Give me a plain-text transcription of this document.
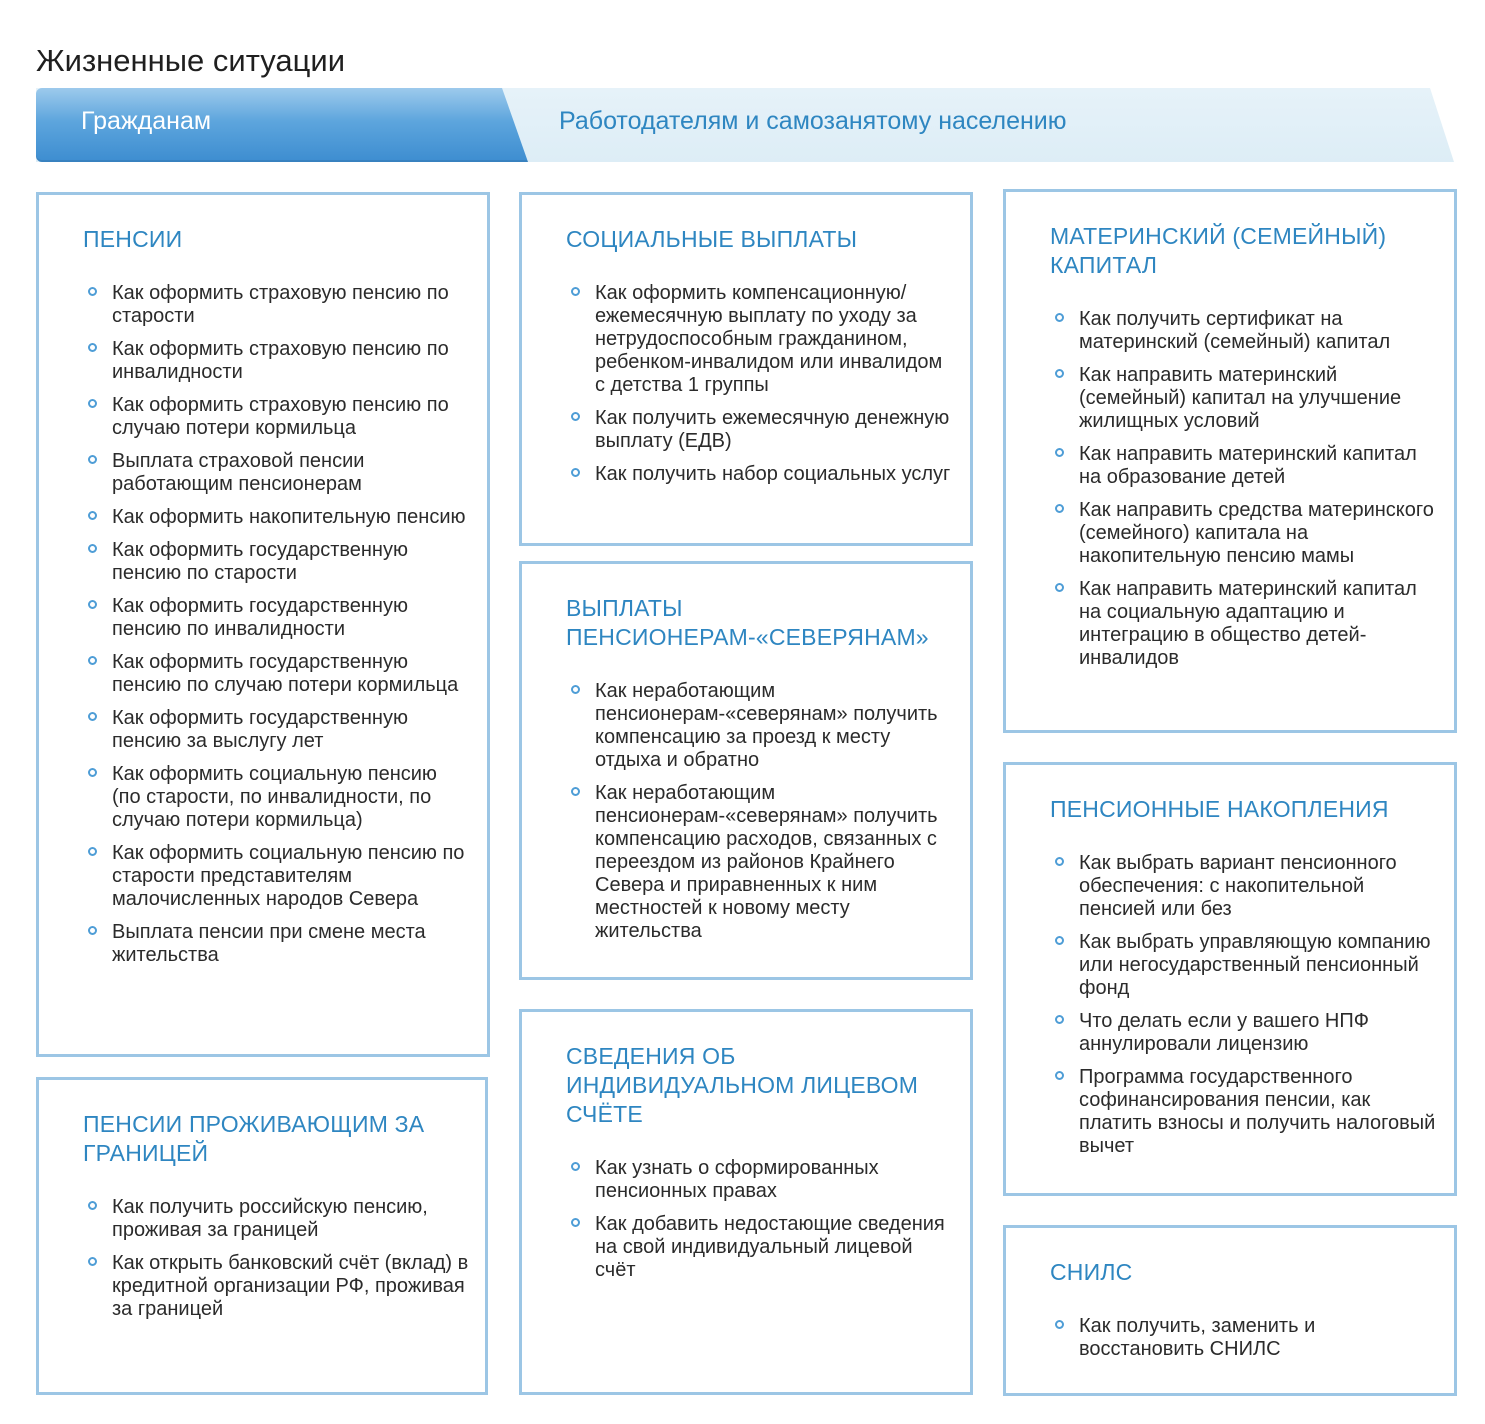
Жизненные ситуации
Гражданам	Работодателям и самозанятому населению
ПЕНСИИ
Как оформить страховую пенсию по старости
Как оформить страховую пенсию по инвалидности
Как оформить страховую пенсию по случаю потери кормильца
Выплата страховой пенсии работающим пенсионерам
Как оформить накопительную пенсию
Как оформить государственную пенсию по старости
Как оформить государственную пенсию по инвалидности
Как оформить государственную пенсию по случаю потери кормильца
Как оформить государственную пенсию за выслугу лет
Как оформить социальную пенсию (по старости, по инвалидности, по случаю потери кормильца)
Как оформить социальную пенсию по старости представителям малочисленных народов Севера
Выплата пенсии при смене места жительства
ПЕНСИИ ПРОЖИВАЮЩИМ ЗА ГРАНИЦЕЙ
Как получить российскую пенсию, проживая за границей
Как открыть банковский счёт (вклад) в кредитной организации РФ, проживая за границей
СОЦИАЛЬНЫЕ ВЫПЛАТЫ
Как оформить компенсационную/ ежемесячную выплату по уходу за нетрудоспособным гражданином, ребенком-инвалидом или инвалидом с детства 1 группы
Как получить ежемесячную денежную выплату (ЕДВ)
Как получить набор социальных услуг
ВЫПЛАТЫ ПЕНСИОНЕРАМ-«СЕВЕРЯНАМ»
Как неработающим пенсионерам-«северянам» получить компенсацию за проезд к месту отдыха и обратно
Как неработающим пенсионерам-«северянам» получить компенсацию расходов, связанных с переездом из районов Крайнего Севера и приравненных к ним местностей к новому месту жительства
СВЕДЕНИЯ ОБ ИНДИВИДУАЛЬНОМ ЛИЦЕВОМ СЧЁТЕ
Как узнать о сформированных пенсионных правах
Как добавить недостающие сведения на свой индивидуальный лицевой счёт
МАТЕРИНСКИЙ (СЕМЕЙНЫЙ) КАПИТАЛ
Как получить сертификат на материнский (семейный) капитал
Как направить материнский (семейный) капитал на улучшение жилищных условий
Как направить материнский капитал на образование детей
Как направить средства материнского (семейного) капитала на накопительную пенсию мамы
Как направить материнский капитал на социальную адаптацию и интеграцию в общество детей-инвалидов
ПЕНСИОННЫЕ НАКОПЛЕНИЯ
Как выбрать вариант пенсионного обеспечения: с накопительной пенсией или без
Как выбрать управляющую компанию или негосударственный пенсионный фонд
Что делать если у вашего НПФ аннулировали лицензию
Программа государственного софинансирования пенсии, как платить взносы и получить налоговый вычет
СНИЛС
Как получить, заменить и восстановить СНИЛС
